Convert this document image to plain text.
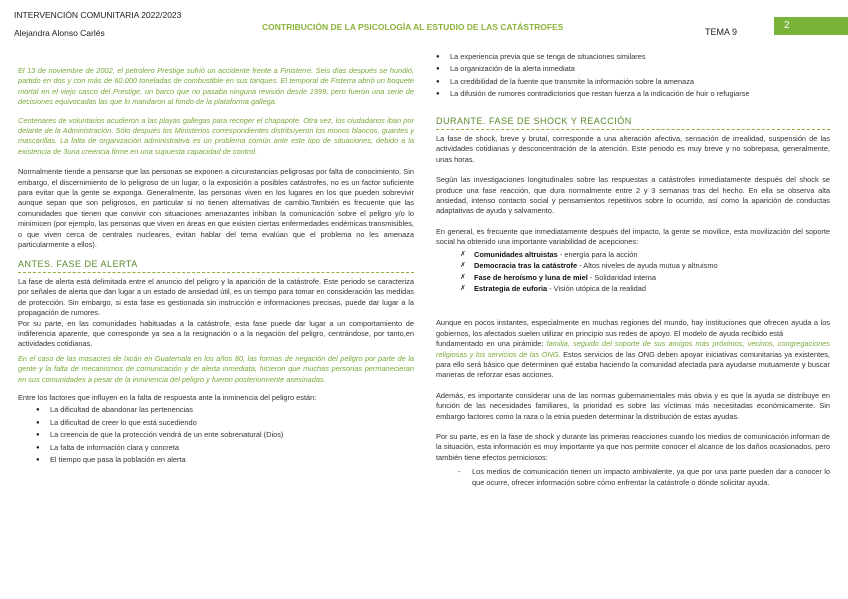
INTERVENCIÓN COMUNITARIA 2022/2023
Alejandra Alonso Carlés
CONTRIBUCIÓN DE LA PSICOLOGÍA AL ESTUDIO DE LAS CATÁSTROFES	TEMA 9
2

El 13 de noviembre de 2002, el petrolero Prestige sufrió un accidente frente a Finisterre. Seis días después se hundió, partido en dos y con más de 60.000 toneladas de combustible en sus tanques. El temporal de Fisterra abrió un boquete mortal en el viejo casco del Prestige, un barco que no pasaba ninguna revisión desde 1999, pero fueron una serie de decisiones equivocadas las que lo mandaron al fondo de la plataforma gallega.

Centenares de voluntarios acudieron a las playas gallegas para recoger el chapapote. Otra vez, los ciudadanos iban por delante de la Administración. Sólo después los Ministerios correspondientes distribuyeron los monos blancos, guantes y mascarillas. La falta de organización administrativa es un problema común ante este tipo de situaciones, debido a la existencia de 3una creencia firme en una supuesta capacidad de control.

Normalmente tiende a pensarse que las personas se exponen a circunstancias peligrosas por falta de conocimiento. Sin embargo, el discernimiento de lo peligroso de un lugar, o la exposición a posibles catástrofes, no es un factor suficiente para evitar que la gente se exponga. Generalmente, las personas viven en los lugares en los que pueden sobrevivir aunque sepan que son peligrosos, en particular si no tienen alternativas de cambio.También es frecuente que las comunidades que tienen que convivir con situaciones amenazantes inhiban la comunicación sobre el peligro y/o lo minimicen (por ejemplo, las personas que viven en áreas en que existen ciertas enfermedades endémicas transmisibles, o que viven cerca de centrales nucleares, evitan hablar del tema evalúan que el problema no les amenaza particularmente a ellos).

ANTES. FASE DE ALERTA

La fase de alerta está delimitada entre el anuncio del peligro y la aparición de la catástrofe. Este periodo se caracteriza por señales de alerta que dan lugar a un estado de ansiedad útil, es un tiempo para tomar en consideración las medidas de protección. Sin embargo, si esta fase es gestionada sin instrucción e informaciones precisas, puede dar lugar a la propagación de rumores.

Por su parte, en las comunidades habituadas a la catástrofe, esta fase puede dar lugar a un comportamiento de indiferencia aparente, que corresponde ya sea a la resignación o a la negación del peligro, centrándose, por tanto,en actividades cotidianas.

En el caso de las masacres de Ixcán en Guatemala en los años 80, las formas de negación del peligro por parte de la gente y la falta de mecanismos de comunicación y de alerta inmediata, hicieron que muchas personas permanecieran en sus comunidades a pesar de la inminencia del peligro y fueron posteriormente asesinadas.

Entre los factores que influyen en la falta de respuesta ante la inminencia del peligro están:

● La dificultad de abandonar las pertenencias
● La dificultad de creer lo que está sucediendo
● La creencia de que la protección vendrá de un ente sobrenatural (Dios)
● La falta de información clara y concreta
● El tiempo que pasa la población en alerta
● La experiencia previa que se tenga de situaciones similares
● La organización de la alerta inmediata
● La credibilidad de la fuente que transmite la información sobre la amenaza
● La difusión de rumores contradictorios que restan fuerza a la indicación de huir o refugiarse
DURANTE. FASE DE SHOCK Y REACCIÓN

La fase de shock, breve y brutal, corresponde a una alteración afectiva, sensación de irrealidad, suspensión de las actividades cotidianas y desconcentración de la atención. Este periodo es muy breve y no sobrepasa, generalmente, unas horas.

Según las investigaciones longitudinales sobre las respuestas a catástrofes inmediatamente después del shock se produce una fase reacción, que dura normalmente entre 2 y 3 semanas tras del hecho. En ella se observa alta ansiedad, intenso contacto social y pensamientos repetitivos sobre lo ocurrido, así como la aparición de conductas adaptativas de ayuda y salvamento.

En general, es frecuente que inmediatamente después del impacto, la gente se movilice, esta movilización del soporte social ha obtenido una importante variabilidad de acepciones:

✗ Comunidades altruistas - energía para la acción
✗ Democracia tras la catástrofe - Altos niveles de ayuda mutua y altruismo
✗ Fase de heroísmo y luna de miel - Solidaridad interna
✗ Estrategia de euforia - Visión utópica de la realidad

Aunque en pocos instantes, especialmente en muchas regiones del mundo, hay instituciones que ofrecen ayuda a los gobiernos, los afectados suelen utilizar en principio sus redes de apoyo. El modelo de ayuda recibido está

fundamentado en una pirámide: familia, seguido del soporte de sus amigos más próximos, vecinos, congregaciones religiosas y los servicios de las ONG. Estos servicios de las ONG deben apoyar iniciativas comunitarias ya existentes, para ello será básico que determinen qué estaba haciendo la comunidad afectada para ayudarse mutuamente y buscar maneras de reforzar esas acciones.

Además, es importante considerar una de las normas gubernamentales más obvia y es que la ayuda se distribuye en función de las necesidades familiares, la prioridad es sobre las víctimas más necesitadas económicamente. Sin embargo factores como la raza o la etnia pueden determinar la distribución de estas ayudas.

Por su parte, es en la fase de shock y durante las primeras reacciones cuando los medios de comunicación informan de la situación, esta información es muy importante ya que nos permite conocer el alcance de los daños ocasionados, pero también tiene efectos perniciosos:

- Los medios de comunicación tienen un impacto ambivalente, ya que por una parte pueden dar a conocer lo que ocurre, ofrecer información sobre cómo enfrentar la catástrofe o dónde solicitar ayuda.
